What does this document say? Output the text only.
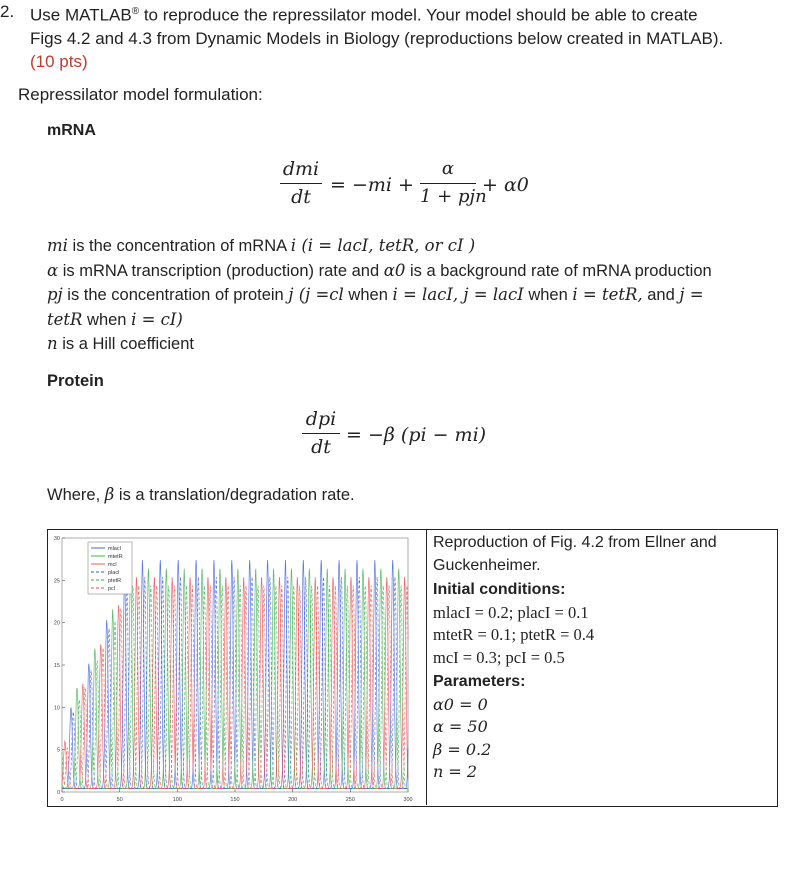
2. Use MATLAB® to reproduce the repressilator model. Your model should be able to create
Figs 4.2 and 4.3 from Dynamic Models in Biology (reproductions below created in MATLAB).
(10 pts)
Repressilator model formulation:
mRNA
dmi
dt
= −mi +
α
1 + pjn
+ α0
mi is the concentration of mRNA i (i = lacI, tetR, or cI )
α is mRNA transcription (production) rate and α0 is a background rate of mRNA production
pj is the concentration of protein j (j =cl when i = lacI, j = lacI when i = tetR, and j =
tetR when i = cI)
n is a Hill coefficient
Protein
dpi
dt
= −β (pi − mi)
Where, β is a translation/degradation rate.
0	50	100	150	200	250	300
0
5
10
15
20
25
30
mlacl
mtetR
mcl
placl
ptetR
pcl
Reproduction of Fig. 4.2 from Ellner and
Guckenheimer.
Initial conditions:
mlacI = 0.2; placI = 0.1
mtetR = 0.1; ptetR = 0.4
mcI = 0.3; pcI = 0.5
Parameters:
α0 = 0
α = 50
β = 0.2
n = 2
